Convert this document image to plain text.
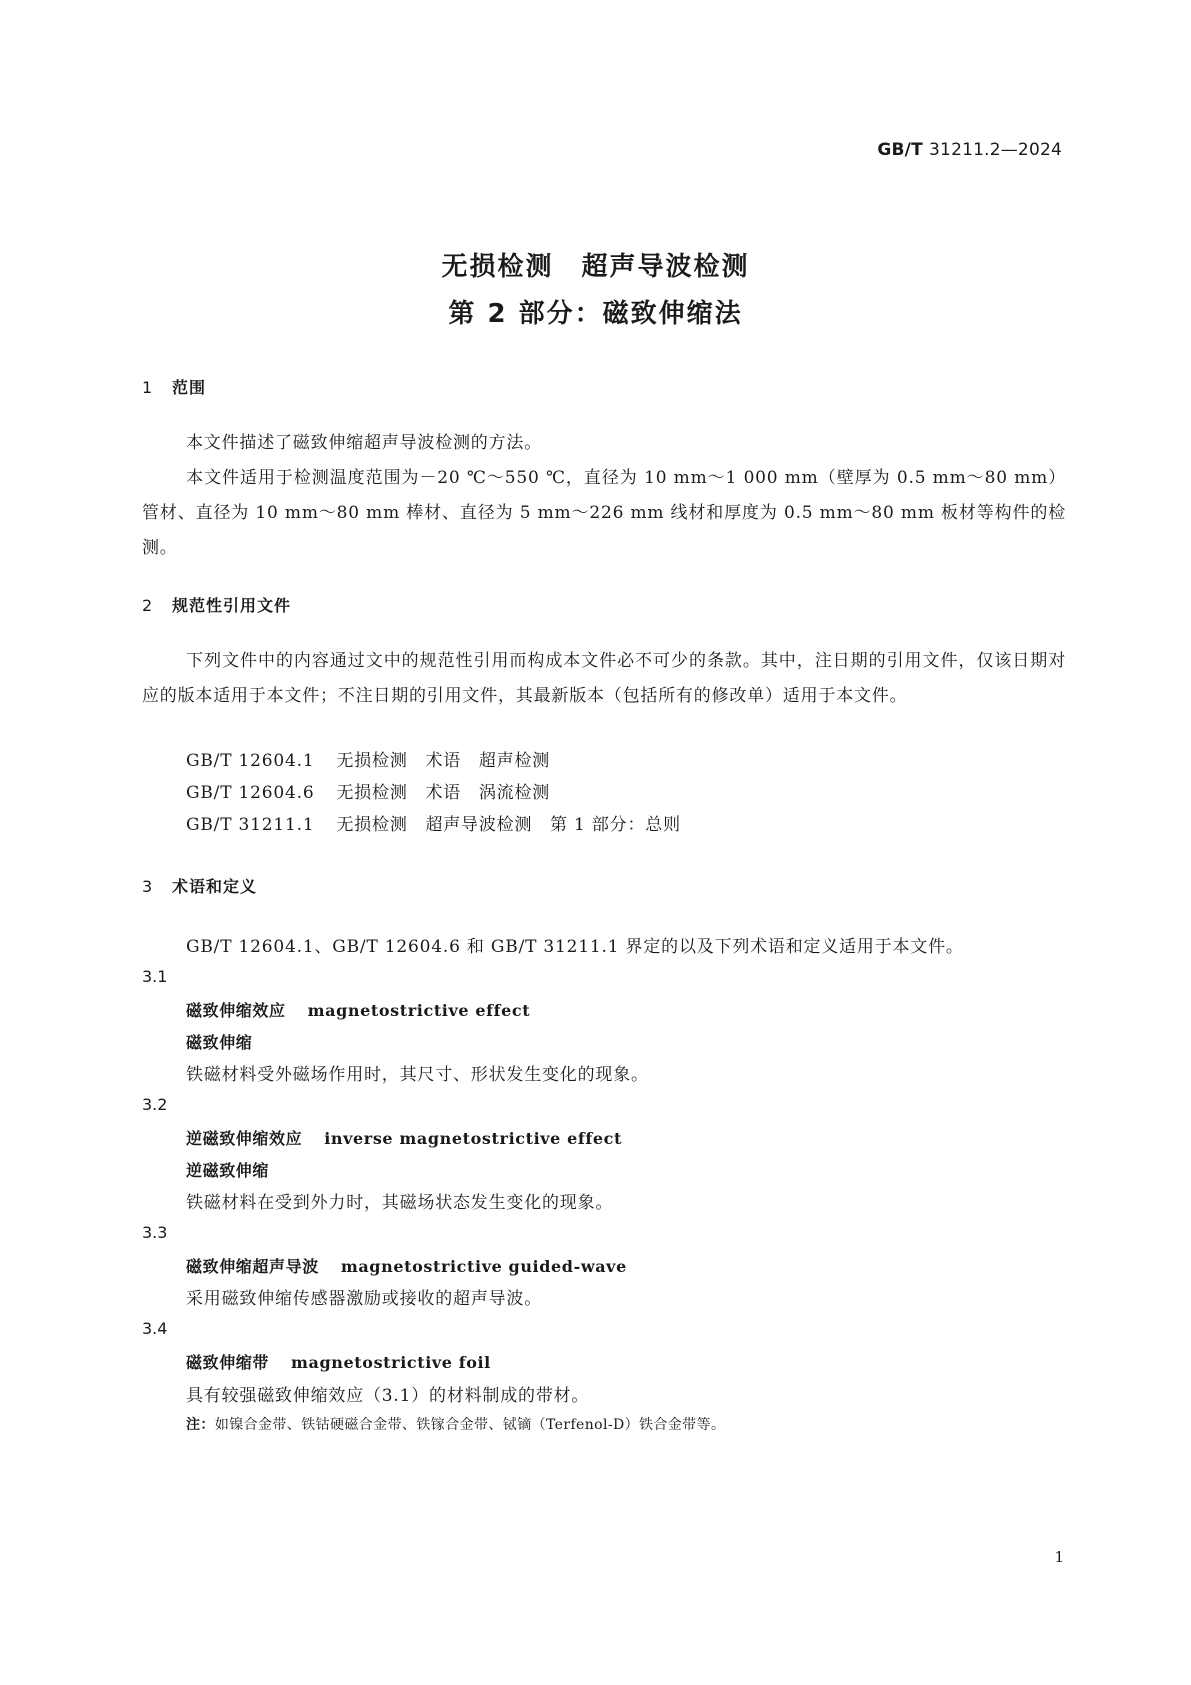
GB/T 31211.2—2024
无损检测　超声导波检测
第 2 部分：磁致伸缩法
1 范围
本文件描述了磁致伸缩超声导波检测的方法。
本文件适用于检测温度范围为－20 ℃～550 ℃，直径为 10 mm～1 000 mm（壁厚为 0.5 mm～80 mm）管材、直径为 10 mm～80 mm 棒材、直径为 5 mm～226 mm 线材和厚度为 0.5 mm～80 mm 板材等构件的检测。
2 规范性引用文件
下列文件中的内容通过文中的规范性引用而构成本文件必不可少的条款。其中，注日期的引用文件，仅该日期对应的版本适用于本文件；不注日期的引用文件，其最新版本（包括所有的修改单）适用于本文件。
GB/T 12604.1 无损检测　术语　超声检测
GB/T 12604.6 无损检测　术语　涡流检测
GB/T 31211.1 无损检测　超声导波检测　第 1 部分：总则
3 术语和定义
GB/T 12604.1、GB/T 12604.6 和 GB/T 31211.1 界定的以及下列术语和定义适用于本文件。
3.1
磁致伸缩效应 magnetostrictive effect
磁致伸缩
铁磁材料受外磁场作用时，其尺寸、形状发生变化的现象。
3.2
逆磁致伸缩效应 inverse magnetostrictive effect
逆磁致伸缩
铁磁材料在受到外力时，其磁场状态发生变化的现象。
3.3
磁致伸缩超声导波 magnetostrictive guided-wave
采用磁致伸缩传感器激励或接收的超声导波。
3.4
磁致伸缩带 magnetostrictive foil
具有较强磁致伸缩效应（3.1）的材料制成的带材。
注：如镍合金带、铁钴硬磁合金带、铁镓合金带、铽镝（Terfenol-D）铁合金带等。
1
